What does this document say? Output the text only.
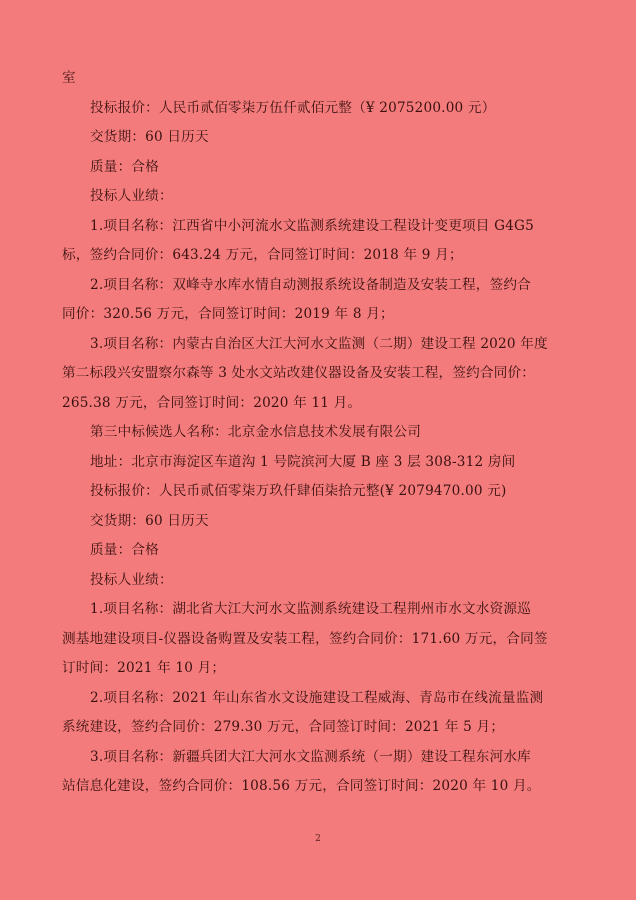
室
投标报价：人民币贰佰零柒万伍仟贰佰元整（¥ 2075200.00 元）
交货期：60 日历天
质量：合格
投标人业绩：
1.项目名称：江西省中小河流水文监测系统建设工程设计变更项目 G4G5
标，签约合同价：643.24 万元，合同签订时间：2018 年 9 月；
2.项目名称：双峰寺水库水情自动测报系统设备制造及安装工程，签约合
同价：320.56 万元，合同签订时间：2019 年 8 月；
3.项目名称：内蒙古自治区大江大河水文监测（二期）建设工程 2020 年度
第二标段兴安盟察尔森等 3 处水文站改建仪器设备及安装工程，签约合同价：
265.38 万元，合同签订时间：2020 年 11 月。
第三中标候选人名称：北京金水信息技术发展有限公司
地址：北京市海淀区车道沟 1 号院滨河大厦 B 座 3 层 308-312 房间
投标报价：人民币贰佰零柒万玖仟肆佰柒拾元整(¥ 2079470.00 元)
交货期：60 日历天
质量：合格
投标人业绩：
1.项目名称：湖北省大江大河水文监测系统建设工程荆州市水文水资源巡
测基地建设项目-仪器设备购置及安装工程，签约合同价：171.60 万元，合同签
订时间：2021 年 10 月；
2.项目名称：2021 年山东省水文设施建设工程威海、青岛市在线流量监测
系统建设，签约合同价：279.30 万元，合同签订时间：2021 年 5 月；
3.项目名称：新疆兵团大江大河水文监测系统（一期）建设工程东河水库
站信息化建设，签约合同价：108.56 万元，合同签订时间：2020 年 10 月。
2
